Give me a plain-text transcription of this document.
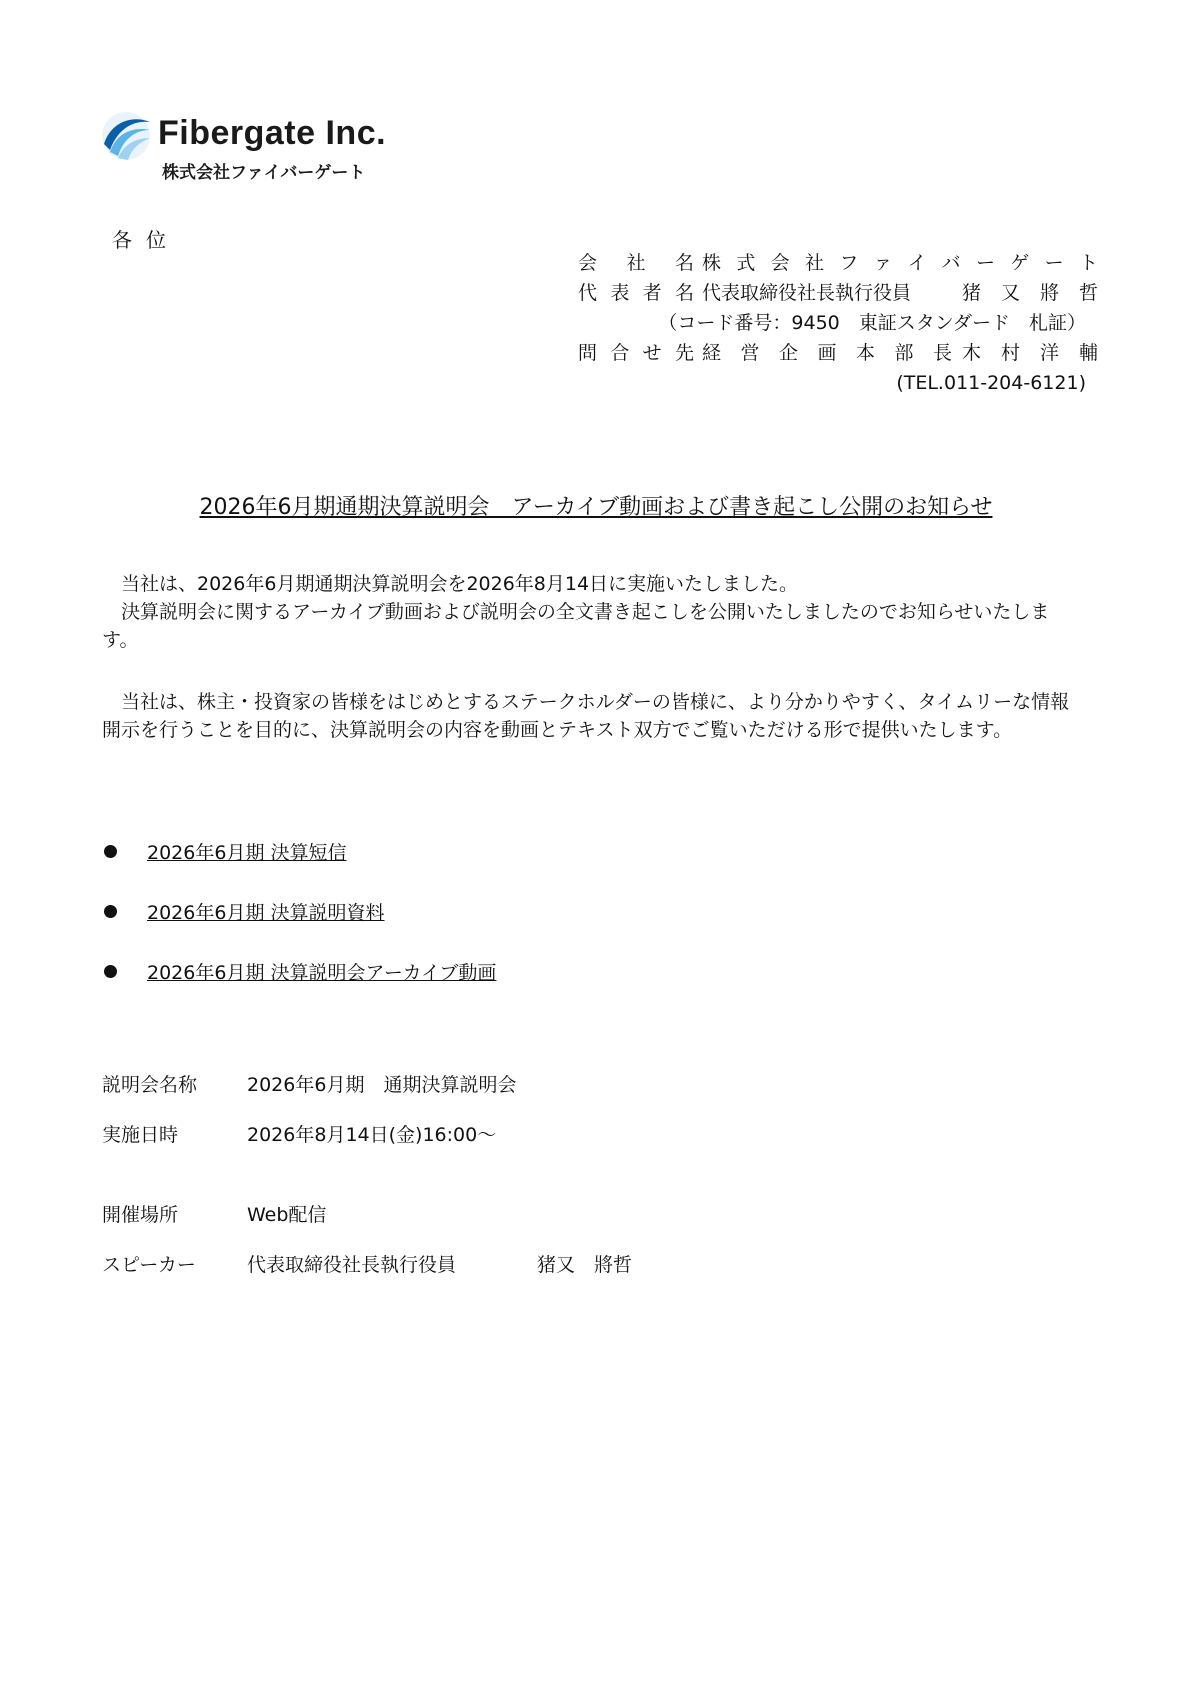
Fibergate Inc.
株式会社ファイバーゲート
各位
会社名 株式会社ファイバーゲート
代表者名 代表取締役社長執行役員	猪 又 將 哲
（コード番号：9450　東証スタンダード　札証）
問合せ先 経営企画本部長 木 村 洋 輔
(TEL.011-204-6121)
2026年6月期通期決算説明会　アーカイブ動画および書き起こし公開のお知らせ
当社は、2026年6月期通期決算説明会を2026年8月14日に実施いたしました。
決算説明会に関するアーカイブ動画および説明会の全文書き起こしを公開いたしましたのでお知らせいたします。
当社は、株主・投資家の皆様をはじめとするステークホルダーの皆様に、より分かりやすく、タイムリーな情報開示を行うことを目的に、決算説明会の内容を動画とテキスト双方でご覧いただける形で提供いたします。
2026年6月期 決算短信
2026年6月期 決算説明資料
2026年6月期 決算説明会アーカイブ動画
説明会名称	2026年6月期　通期決算説明会
実施日時	2026年8月14日(金)16:00～
開催場所	Web配信
スピーカー	代表取締役社長執行役員	猪又　將哲
